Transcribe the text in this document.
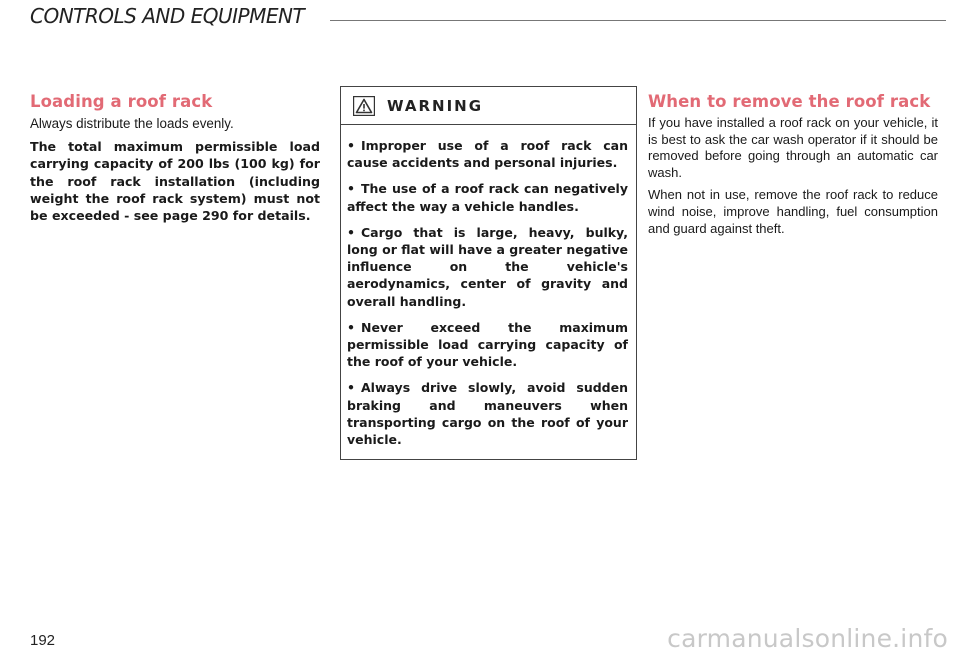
CONTROLS AND EQUIPMENT
Loading a roof rack

Always distribute the loads evenly.

The total maximum permissible load carrying capacity of 200 lbs (100 kg) for the roof rack installation (including weight the roof rack system) must not be exceeded - see page 290 for details.

WARNING

• Improper use of a roof rack can cause accidents and personal injuries.

• The use of a roof rack can negatively affect the way a vehicle handles.

• Cargo that is large, heavy, bulky, long or flat will have a greater negative influence on the vehicle's aerodynamics, center of gravity and overall handling.

• Never exceed the maximum permissible load carrying capacity of the roof of your vehicle.

• Always drive slowly, avoid sudden braking and maneuvers when transporting cargo on the roof of your vehicle.

When to remove the roof rack

If you have installed a roof rack on your vehicle, it is best to ask the car wash operator if it should be removed before going through an automatic car wash.

When not in use, remove the roof rack to reduce wind noise, improve handling, fuel consumption and guard against theft.

192	carmanualsonline.info
